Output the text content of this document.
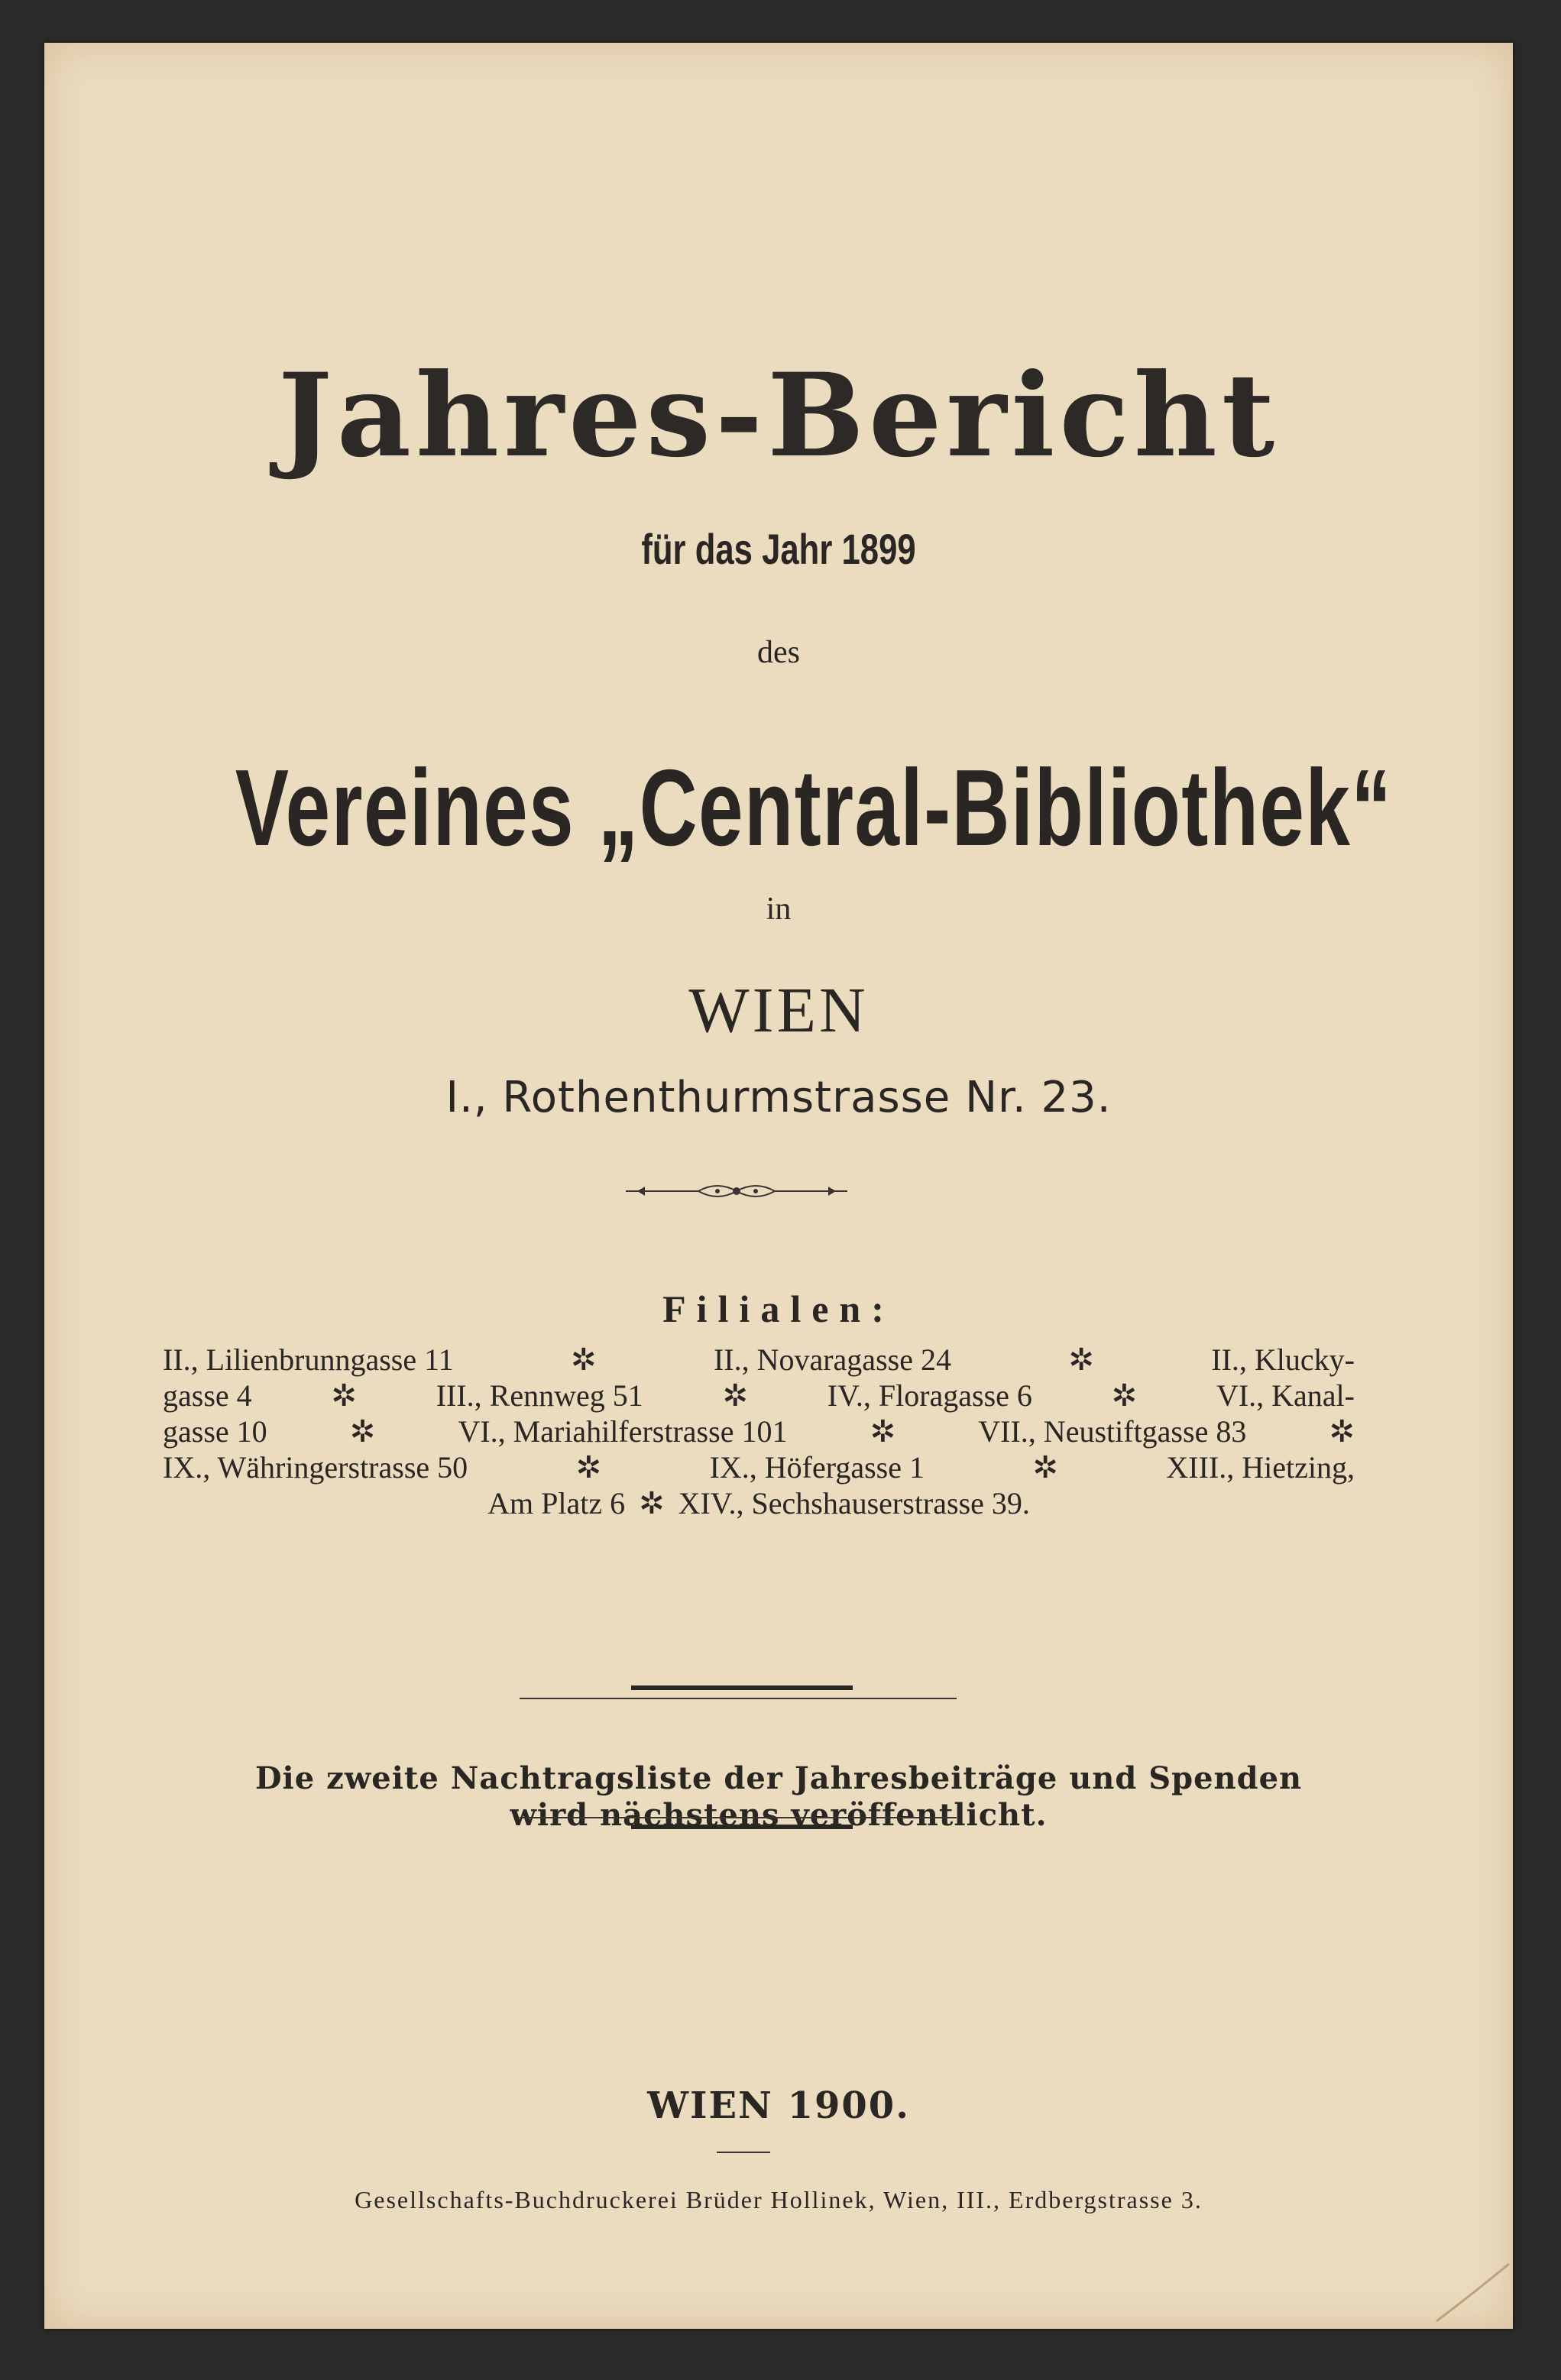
Jahres-Bericht
für das Jahr 1899
des
Vereines „Central-Bibliothek“
in
WIEN
I., Rothenthurmstrasse Nr. 23.
Filialen:
II., Lilienbrunngasse 11	✲	II., Novaragasse 24	✲	II., Klucky-
gasse 4	✲	III., Rennweg 51	✲	IV., Floragasse 6	✲	VI., Kanal-
gasse 10	✲	VI., Mariahilferstrasse 101	✲	VII., Neustiftgasse 83	✲
IX., Währingerstrasse 50	✲	IX., Höfergasse 1	✲	XIII., Hietzing,
Am Platz 6 ✲ XIV., Sechshauserstrasse 39.
Die zweite Nachtragsliste der Jahresbeiträge und Spenden
wird nächstens veröffentlicht.
WIEN 1900.
Gesellschafts-Buchdruckerei Brüder Hollinek, Wien, III., Erdbergstrasse 3.
